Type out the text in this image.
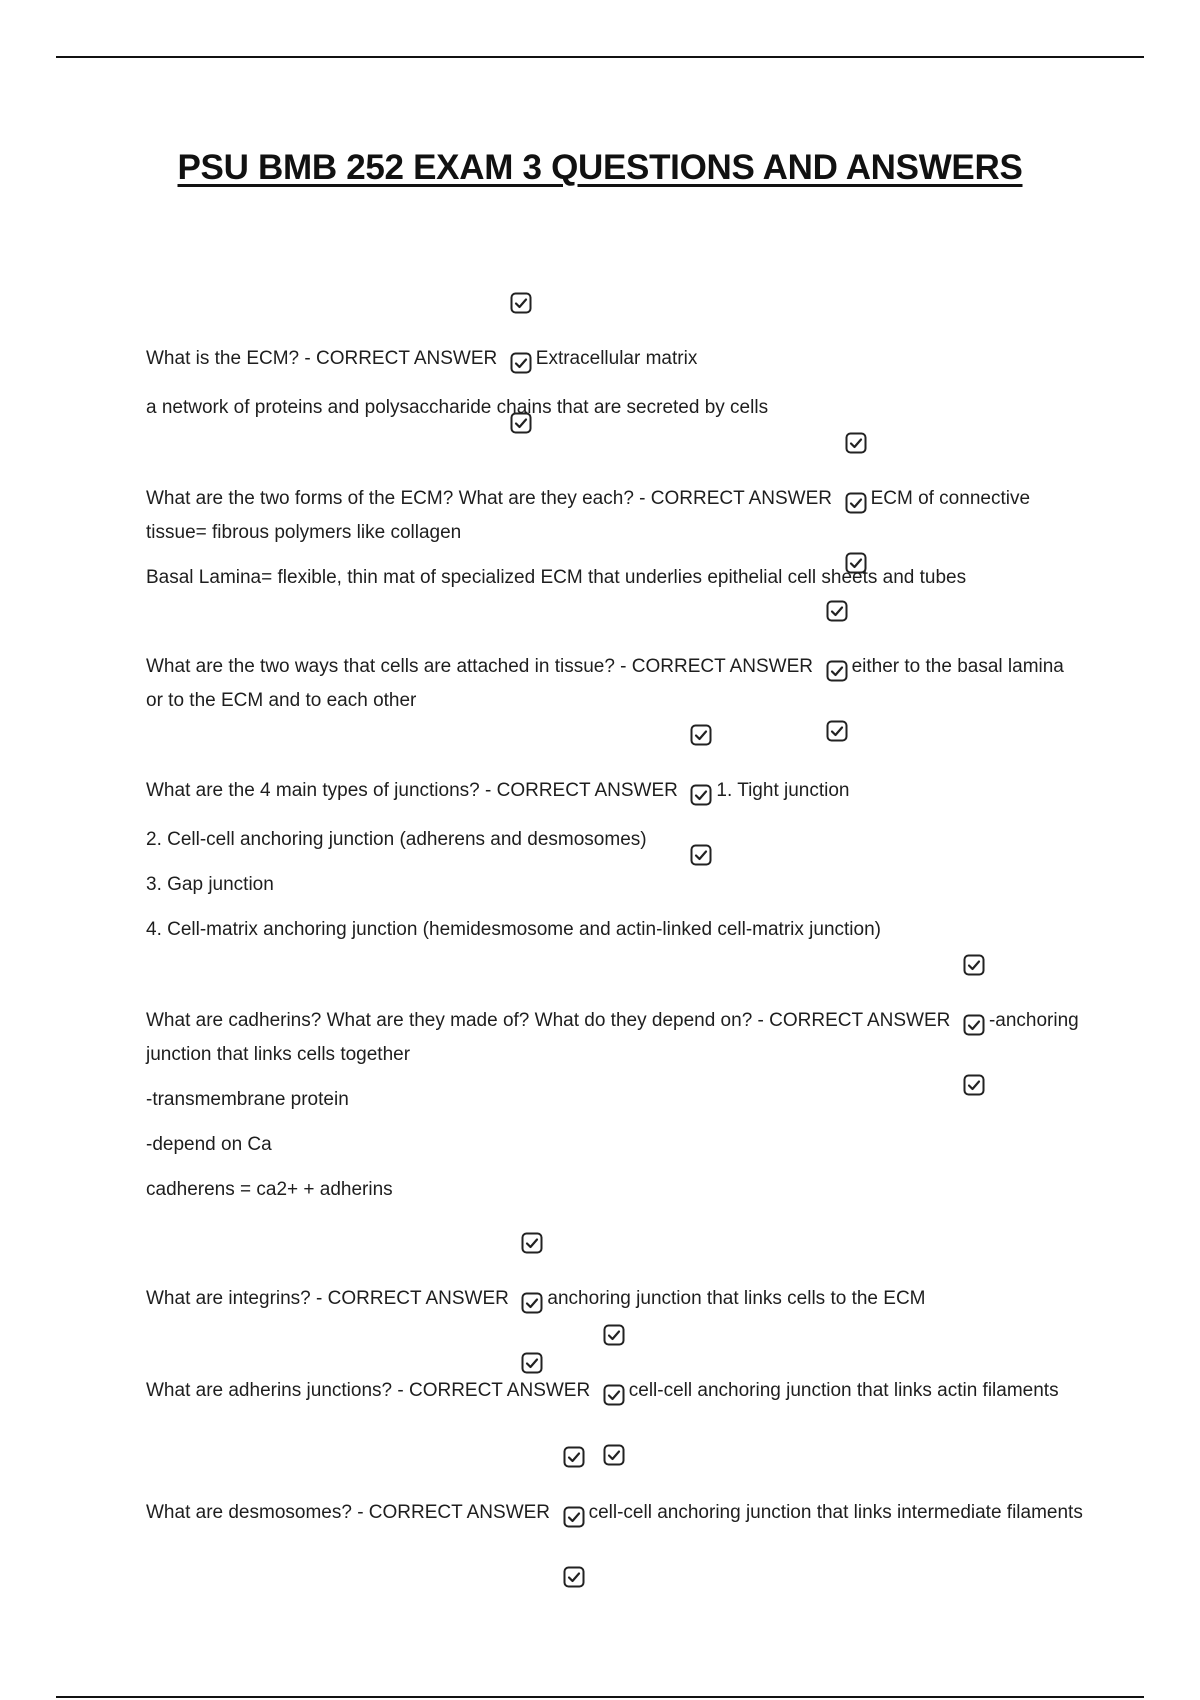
PSU BMB 252 EXAM 3 QUESTIONS AND ANSWERS

What is the ECM? - CORRECT ANSWER

Extracellular matrix

a network of proteins and polysaccharide chains that are secreted by cells

What are the two forms of the ECM? What are they each? - CORRECT ANSWER

ECM of connective tissue= fibrous polymers like collagen

Basal Lamina= flexible, thin mat of specialized ECM that underlies epithelial cell sheets and tubes

What are the two ways that cells are attached in tissue? - CORRECT ANSWER

either to the basal lamina or to the ECM and to each other

What are the 4 main types of junctions? - CORRECT ANSWER

1. Tight junction

2. Cell-cell anchoring junction (adherens and desmosomes)

3. Gap junction

4. Cell-matrix anchoring junction (hemidesmosome and actin-linked cell-matrix junction)

What are cadherins? What are they made of? What do they depend on? - CORRECT ANSWER

-anchoring junction that links cells together

-transmembrane protein

-depend on Ca

cadherens = ca2+ + adherins

What are integrins? - CORRECT ANSWER

anchoring junction that links cells to the ECM

What are adherins junctions? - CORRECT ANSWER

cell-cell anchoring junction that links actin filaments

What are desmosomes? - CORRECT ANSWER

cell-cell anchoring junction that links intermediate filaments
